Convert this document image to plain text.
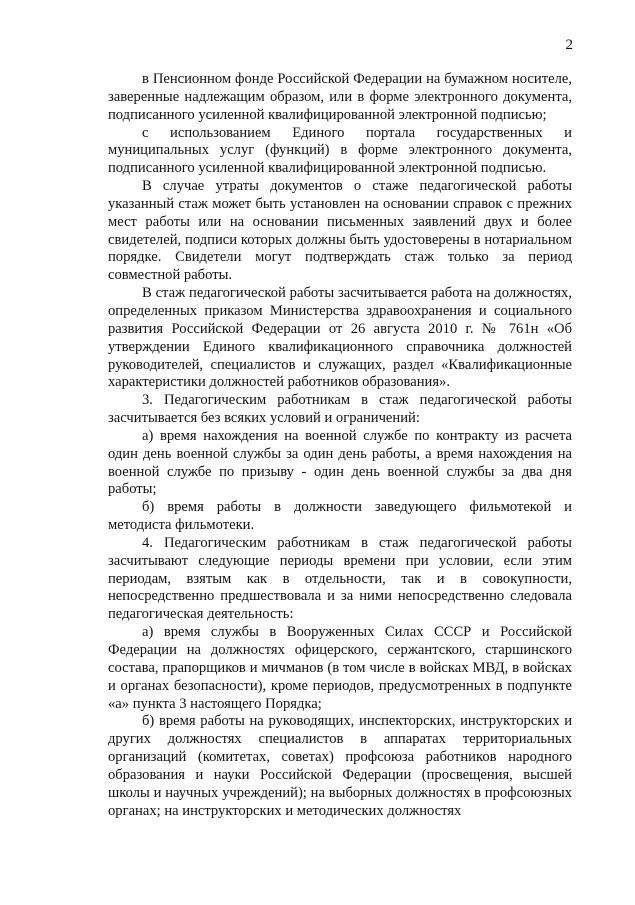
2

в Пенсионном фонде Российской Федерации на бумажном носителе, заверенные надлежащим образом, или в форме электронного документа, подписанного усиленной квалифицированной электронной подписью;

с использованием Единого портала государственных и муниципальных услуг (функций) в форме электронного документа, подписанного усиленной квалифицированной электронной подписью.

В случае утраты документов о стаже педагогической работы указанный стаж может быть установлен на основании справок с прежних мест работы или на основании письменных заявлений двух и более свидетелей, подписи которых должны быть удостоверены в нотариальном порядке. Свидетели могут подтверждать стаж только за период совместной работы.

В стаж педагогической работы засчитывается работа на должностях, определенных приказом Министерства здравоохранения и социального развития Российской Федерации от 26 августа 2010 г. № 761н «Об утверждении Единого квалификационного справочника должностей руководителей, специалистов и служащих, раздел «Квалификационные характеристики должностей работников образования».

3. Педагогическим работникам в стаж педагогической работы засчитывается без всяких условий и ограничений:

а) время нахождения на военной службе по контракту из расчета один день военной службы за один день работы, а время нахождения на военной службе по призыву - один день военной службы за два дня работы;

б) время работы в должности заведующего фильмотекой и методиста фильмотеки.

4. Педагогическим работникам в стаж педагогической работы засчитывают следующие периоды времени при условии, если этим периодам, взятым как в отдельности, так и в совокупности, непосредственно предшествовала и за ними непосредственно следовала педагогическая деятельность:

а) время службы в Вооруженных Силах СССР и Российской Федерации на должностях офицерского, сержантского, старшинского состава, прапорщиков и мичманов (в том числе в войсках МВД, в войсках и органах безопасности), кроме периодов, предусмотренных в подпункте «а» пункта 3 настоящего Порядка;

б) время работы на руководящих, инспекторских, инструкторских и других должностях специалистов в аппаратах территориальных организаций (комитетах, советах) профсоюза работников народного образования и науки Российской Федерации (просвещения, высшей школы и научных учреждений); на выборных должностях в профсоюзных органах; на инструкторских и методических должностях
